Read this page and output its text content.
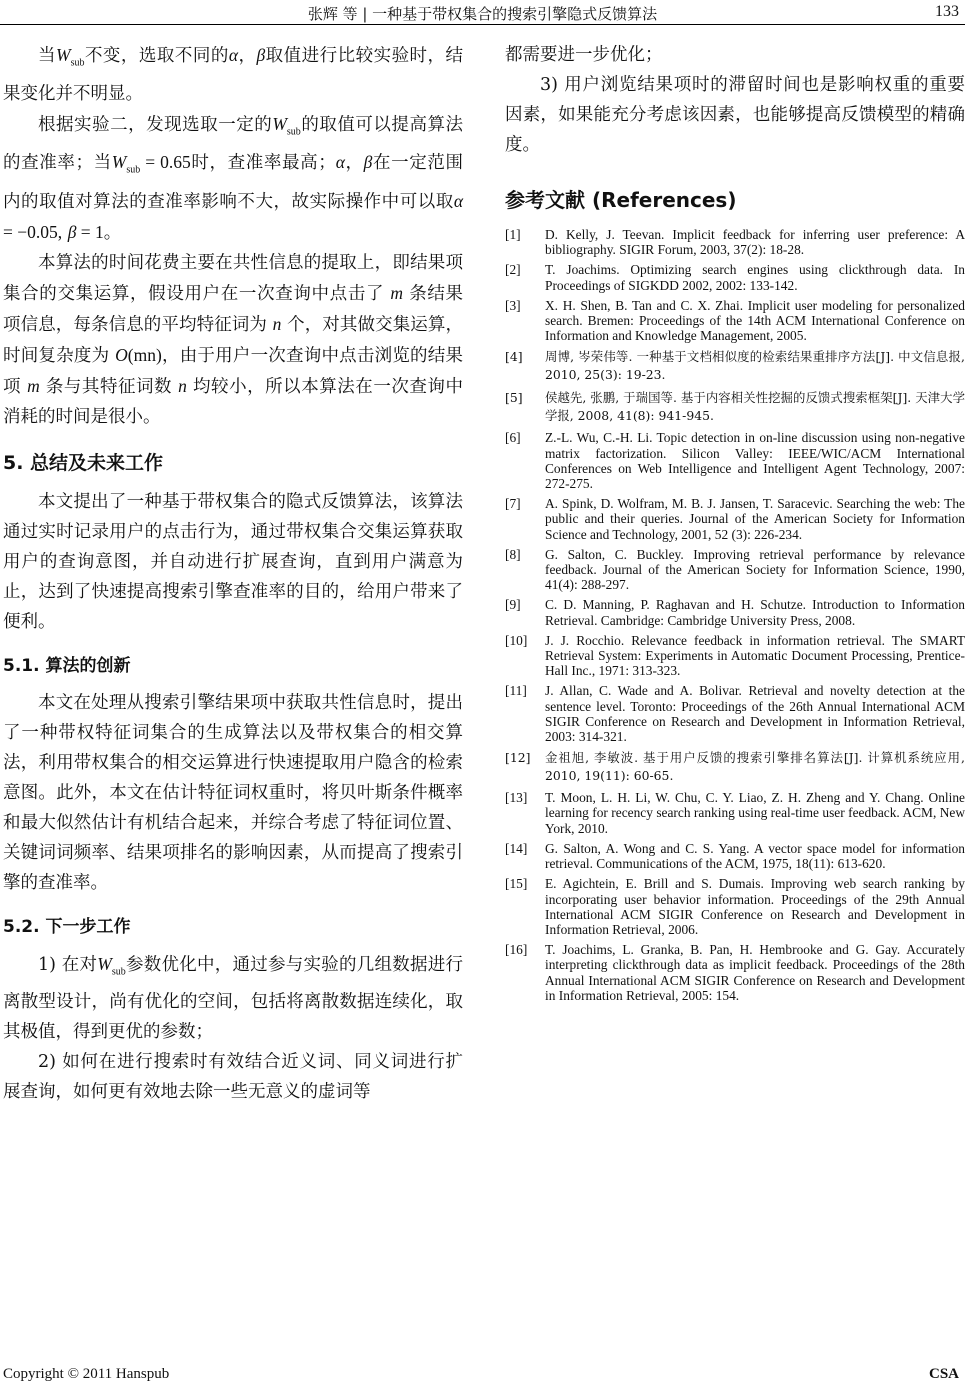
张辉 等 | 一种基于带权集合的搜索引擎隐式反馈算法	133

当$W_{sub}$不变，选取不同的α，β取值进行比较实验时，结果变化并不明显。

根据实验二，发现选取一定的$W_{sub}$的取值可以提高算法的查准率；当$W_{sub} = 0.65$时，查准率最高；α，β在一定范围内的取值对算法的查准率影响不大，故实际操作中可以取α = −0.05, β = 1。

本算法的时间花费主要在共性信息的提取上，即结果项集合的交集运算，假设用户在一次查询中点击了 m 条结果项信息，每条信息的平均特征词为 n 个，对其做交集运算，时间复杂度为 O(mn)，由于用户一次查询中点击浏览的结果项 m 条与其特征词数 n 均较小，所以本算法在一次查询中消耗的时间是很小。

5. 总结及未来工作

本文提出了一种基于带权集合的隐式反馈算法，该算法通过实时记录用户的点击行为，通过带权集合交集运算获取用户的查询意图，并自动进行扩展查询，直到用户满意为止，达到了快速提高搜索引擎查准率的目的，给用户带来了便利。

5.1. 算法的创新

本文在处理从搜索引擎结果项中获取共性信息时，提出了一种带权特征词集合的生成算法以及带权集合的相交算法，利用带权集合的相交运算进行快速提取用户隐含的检索意图。此外，本文在估计特征词权重时，将贝叶斯条件概率和最大似然估计有机结合起来，并综合考虑了特征词位置、关键词词频率、结果项排名的影响因素，从而提高了搜索引擎的查准率。

5.2. 下一步工作

1) 在对$W_{sub}$参数优化中，通过参与实验的几组数据进行离散型设计，尚有优化的空间，包括将离散数据连续化，取其极值，得到更优的参数；

2) 如何在进行搜索时有效结合近义词、同义词进行扩展查询，如何更有效地去除一些无意义的虚词等

都需要进一步优化；

3) 用户浏览结果项时的滞留时间也是影响权重的重要因素，如果能充分考虑该因素，也能够提高反馈模型的精确度。

参考文献 (References)

[1]	D. Kelly, J. Teevan. Implicit feedback for inferring user preference: A bibliography. SIGIR Forum, 2003, 37(2): 18-28.
[2]	T. Joachims. Optimizing search engines using clickthrough data. In Proceedings of SIGKDD 2002, 2002: 133-142.
[3]	X. H. Shen, B. Tan and C. X. Zhai. Implicit user modeling for personalized search. Bremen: Proceedings of the 14th ACM International Conference on Information and Knowledge Management, 2005.
[4]	周博, 岑荣伟等. 一种基于文档相似度的检索结果重排序方法[J]. 中文信息报, 2010, 25(3): 19-23.
[5]	侯越先, 张鹏, 于瑞国等. 基于内容相关性挖掘的反馈式搜索框架[J]. 天津大学学报, 2008, 41(8): 941-945.
[6]	Z.-L. Wu, C.-H. Li. Topic detection in on-line discussion using non-negative matrix factorization. Silicon Valley: IEEE/WIC/ACM International Conferences on Web Intelligence and Intelligent Agent Technology, 2007: 272-275.
[7]	A. Spink, D. Wolfram, M. B. J. Jansen, T. Saracevic. Searching the web: The public and their queries. Journal of the American Society for Information Science and Technology, 2001, 52 (3): 226-234.
[8]	G. Salton, C. Buckley. Improving retrieval performance by relevance feedback. Journal of the American Society for Information Science, 1990, 41(4): 288-297.
[9]	C. D. Manning, P. Raghavan and H. Schutze. Introduction to Information Retrieval. Cambridge: Cambridge University Press, 2008.
[10]	J. J. Rocchio. Relevance feedback in information retrieval. The SMART Retrieval System: Experiments in Automatic Document Processing, Prentice-Hall Inc., 1971: 313-323.
[11]	J. Allan, C. Wade and A. Bolivar. Retrieval and novelty detection at the sentence level. Toronto: Proceedings of the 26th Annual International ACM SIGIR Conference on Research and Development in Information Retrieval, 2003: 314-321.
[12]	金祖旭, 李敏波. 基于用户反馈的搜索引擎排名算法[J]. 计算机系统应用, 2010, 19(11): 60-65.
[13]	T. Moon, L. H. Li, W. Chu, C. Y. Liao, Z. H. Zheng and Y. Chang. Online learning for recency search ranking using real-time user feedback. ACM, New York, 2010.
[14]	G. Salton, A. Wong and C. S. Yang. A vector space model for information retrieval. Communications of the ACM, 1975, 18(11): 613-620.
[15]	E. Agichtein, E. Brill and S. Dumais. Improving web search ranking by incorporating user behavior information. Proceedings of the 29th Annual International ACM SIGIR Conference on Research and Development in Information Retrieval, 2006.
[16]	T. Joachims, L. Granka, B. Pan, H. Hembrooke and G. Gay. Accurately interpreting clickthrough data as implicit feedback. Proceedings of the 28th Annual International ACM SIGIR Conference on Research and Development in Information Retrieval, 2005: 154.
Copyright © 2011 Hanspub	CSA
